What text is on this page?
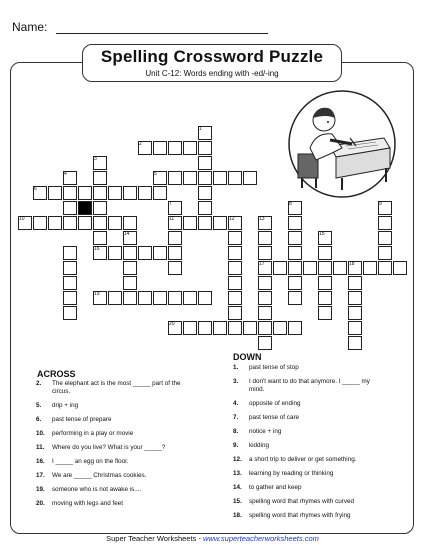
Name:
Spelling Crossword Puzzle
Unit C-12: Words ending with -ed/-ing
1
2
3
4	5
6
7	8	9
10	11	12	13
14	15
16
17	18
19
20
ACROSS
DOWN
2. The elephant act is the most _____ part of the circus.
5. drip + ing
6. past tense of prepare
10. performing in a play or movie
11. Where do you live? What is your _____?
16. I _____ an egg on the floor.
17. We are _____ Christmas cookies.
19. someone who is not awake is....
20. moving with legs and feet
1. past tense of stop
3. I don't want to do that anymore. I _____ my mind.
4. opposite of ending
7. past tense of care
8. notice + ing
9. kidding
12. a short trip to deliver or get something.
13. learning by reading or thinking
14. to gather and keep
15. spelling word that rhymes with curved
18. spelling word that rhymes with frying
Super Teacher Worksheets - www.superteacherworksheets.com
